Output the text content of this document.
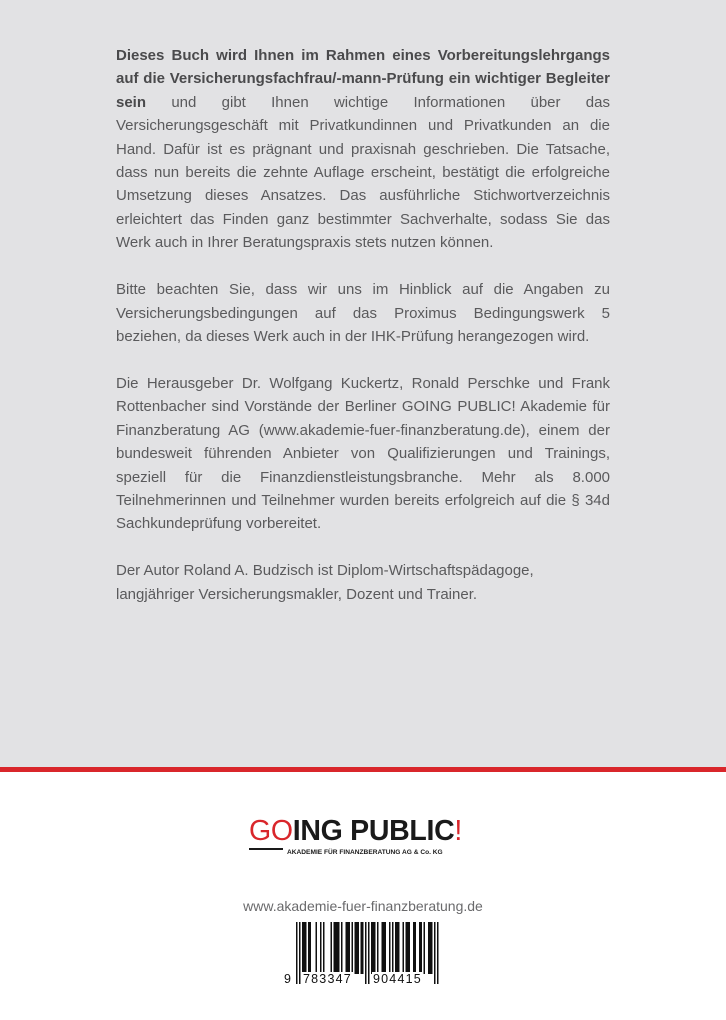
Dieses Buch wird Ihnen im Rahmen eines Vorbereitungslehrgangs auf die Versicherungsfachfrau/-mann-Prüfung ein wichtiger Begleiter sein und gibt Ihnen wichtige Informationen über das Versicherungsgeschäft mit Privatkundinnen und Privatkunden an die Hand. Dafür ist es prägnant und praxisnah geschrieben. Die Tatsache, dass nun bereits die zehnte Auflage erscheint, bestätigt die erfolgreiche Umsetzung dieses Ansatzes. Das ausführliche Stichwortverzeichnis erleichtert das Finden ganz bestimmter Sachverhalte, sodass Sie das Werk auch in Ihrer Beratungspraxis stets nutzen können.

Bitte beachten Sie, dass wir uns im Hinblick auf die Angaben zu Versicherungsbedingungen auf das Proximus Bedingungswerk 5 beziehen, da dieses Werk auch in der IHK-Prüfung herangezogen wird.

Die Herausgeber Dr. Wolfgang Kuckertz, Ronald Perschke und Frank Rottenbacher sind Vorstände der Berliner GOING PUBLIC! Akademie für Finanzberatung AG (www.akademie-fuer-finanzberatung.de), einem der bundesweit führenden Anbieter von Qualifizierungen und Trainings, speziell für die Finanzdienstleistungsbranche. Mehr als 8.000 Teilnehmerinnen und Teilnehmer wurden bereits erfolgreich auf die § 34d Sachkundeprüfung vorbereitet.

Der Autor Roland A. Budzisch ist Diplom-Wirtschaftspädagoge, langjähriger Versicherungsmakler, Dozent und Trainer.

GOING PUBLIC!
AKADEMIE FÜR FINANZBERATUNG AG & Co. KG
www.akademie-fuer-finanzberatung.de
9 783347 904415
